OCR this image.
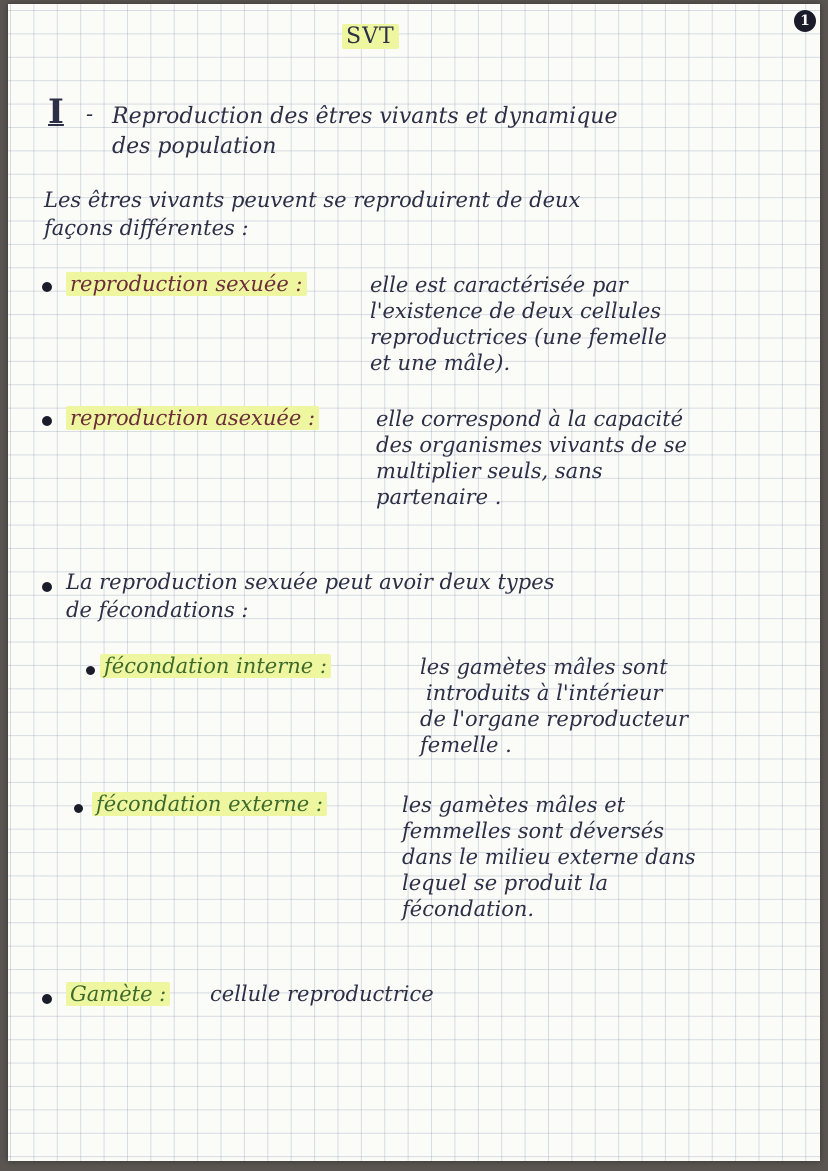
1
SVT
I - Reproduction des êtres vivants et dynamique
des population
Les êtres vivants peuvent se reproduirent de deux
façons différentes :
reproduction sexuée :	elle est caractérisée par
l'existence de deux cellules
reproductrices (une femelle
et une mâle).
reproduction asexuée :	elle correspond à la capacité
des organismes vivants de se
multiplier seuls, sans
partenaire .
La reproduction sexuée peut avoir deux types
de fécondations :
fécondation interne :	les gamètes mâles sont
introduits à l'intérieur
de l'organe reproducteur
femelle .
fécondation externe :	les gamètes mâles et
femmelles sont déversés
dans le milieu externe dans
lequel se produit la
fécondation.
Gamète : cellule reproductrice
